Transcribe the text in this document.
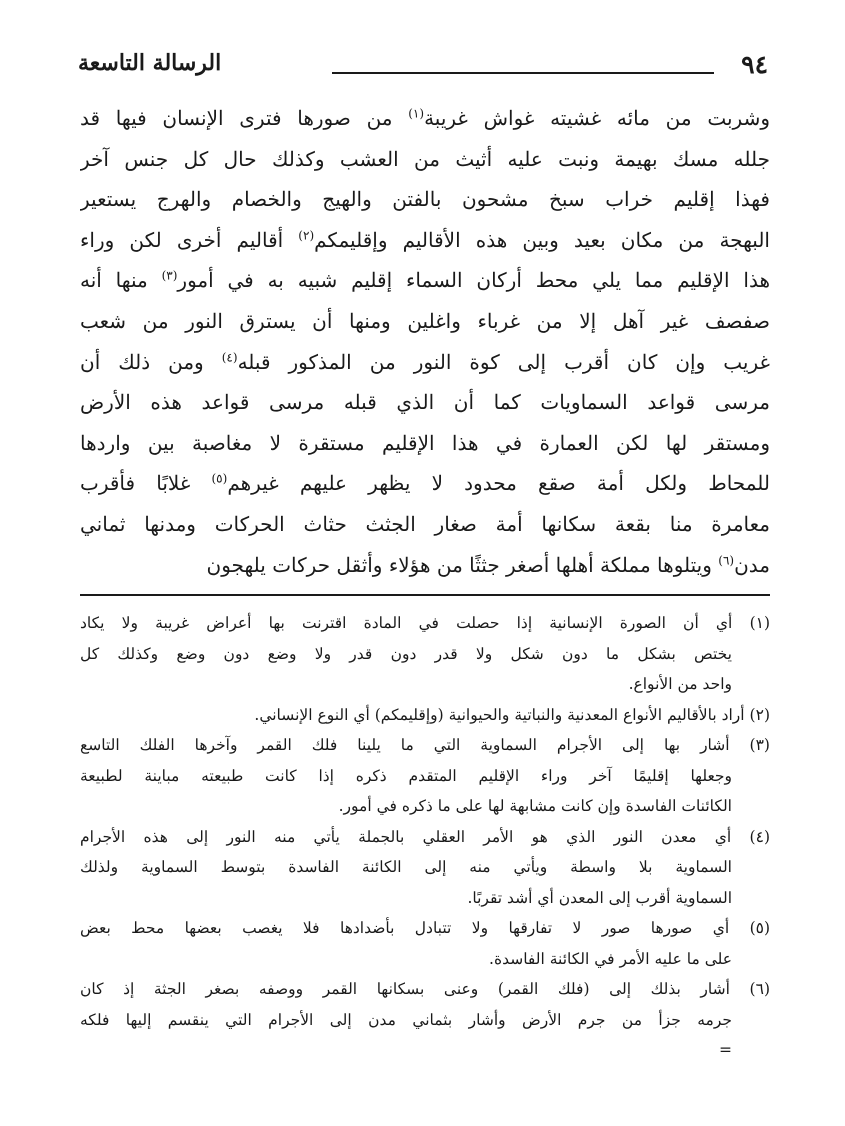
٩٤
الرسالة التاسعة
وشربت من مائه غشيته غواش غريبة$^{(١)}$ من صورها فترى الإنسان فيها قد
جلله مسك بهيمة ونبت عليه أثيث من العشب وكذلك حال كل جنس آخر
فهذا إقليم خراب سبخ مشحون بالفتن والهيج والخصام والهرج يستعير
البهجة من مكان بعيد وبين هذه الأقاليم وإقليمكم$^{(٢)}$ أقاليم أخرى لكن وراء
هذا الإقليم مما يلي محط أركان السماء إقليم شبيه به في أمور$^{(٣)}$ منها أنه
صفصف غير آهل إلا من غرباء واغلين ومنها أن يسترق النور من شعب
غريب وإن كان أقرب إلى كوة النور من المذكور قبله$^{(٤)}$ ومن ذلك أن
مرسى قواعد السماويات كما أن الذي قبله مرسى قواعد هذه الأرض
ومستقر لها لكن العمارة في هذا الإقليم مستقرة لا مغاصبة بين واردها
للمحاط ولكل أمة صقع محدود لا يظهر عليهم غيرهم$^{(٥)}$ غلابًا فأقرب
معامرة منا بقعة سكانها أمة صغار الجثث حثاث الحركات ومدنها ثماني
مدن$^{(٦)}$ ويتلوها مملكة أهلها أصغر جثثًا من هؤلاء وأثقل حركات يلهجون
(١) أي أن الصورة الإنسانية إذا حصلت في المادة اقترنت بها أعراض غريبة ولا يكاد
يختص بشكل ما دون شكل ولا قدر دون قدر ولا وضع دون وضع وكذلك كل
واحد من الأنواع.
(٢) أراد بالأقاليم الأنواع المعدنية والنباتية والحيوانية (وإقليمكم) أي النوع الإنساني.
(٣) أشار بها إلى الأجرام السماوية التي ما يلينا فلك القمر وآخرها الفلك التاسع
وجعلها إقليمًا آخر وراء الإقليم المتقدم ذكره إذا كانت طبيعته مباينة لطبيعة
الكائنات الفاسدة وإن كانت مشابهة لها على ما ذكره في أمور.
(٤) أي معدن النور الذي هو الأمر العقلي بالجملة يأتي منه النور إلى هذه الأجرام
السماوية بلا واسطة ويأتي منه إلى الكائنة الفاسدة بتوسط السماوية ولذلك
السماوية أقرب إلى المعدن أي أشد تقربًا.
(٥) أي صورها صور لا تفارقها ولا تتبادل بأضدادها فلا يغصب بعضها محط بعض
على ما عليه الأمر في الكائنة الفاسدة.
(٦) أشار بذلك إلى (فلك القمر) وعنى بسكانها القمر ووصفه بصغر الجثة إذ كان
جرمه جزأ من جرم الأرض وأشار بثماني مدن إلى الأجرام التي ينقسم إليها فلكه
=
